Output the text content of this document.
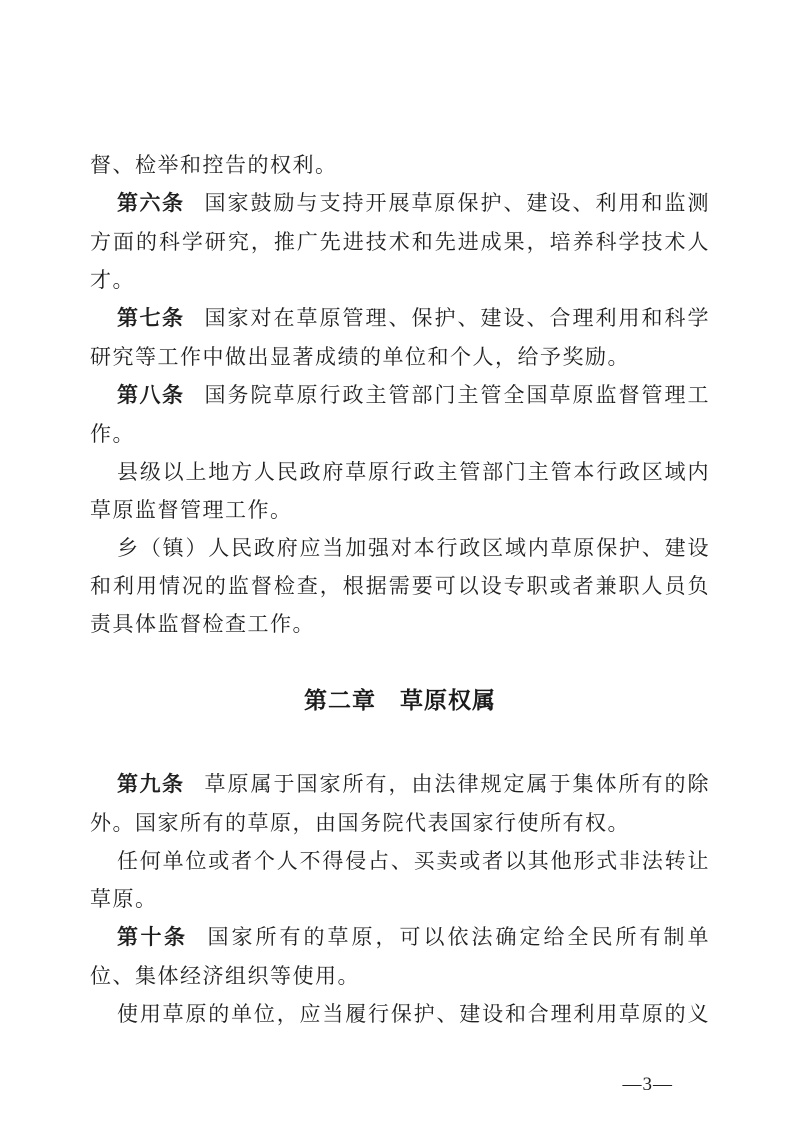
督、检举和控告的权利。

第六条 国家鼓励与支持开展草原保护、建设、利用和监测方面的科学研究，推广先进技术和先进成果，培养科学技术人才。

第七条 国家对在草原管理、保护、建设、合理利用和科学研究等工作中做出显著成绩的单位和个人，给予奖励。

第八条 国务院草原行政主管部门主管全国草原监督管理工作。

县级以上地方人民政府草原行政主管部门主管本行政区域内草原监督管理工作。

乡（镇）人民政府应当加强对本行政区域内草原保护、建设和利用情况的监督检查，根据需要可以设专职或者兼职人员负责具体监督检查工作。

第二章　草原权属

第九条 草原属于国家所有，由法律规定属于集体所有的除外。国家所有的草原，由国务院代表国家行使所有权。

任何单位或者个人不得侵占、买卖或者以其他形式非法转让草原。

第十条 国家所有的草原，可以依法确定给全民所有制单位、集体经济组织等使用。

使用草原的单位，应当履行保护、建设和合理利用草原的义

—3—
